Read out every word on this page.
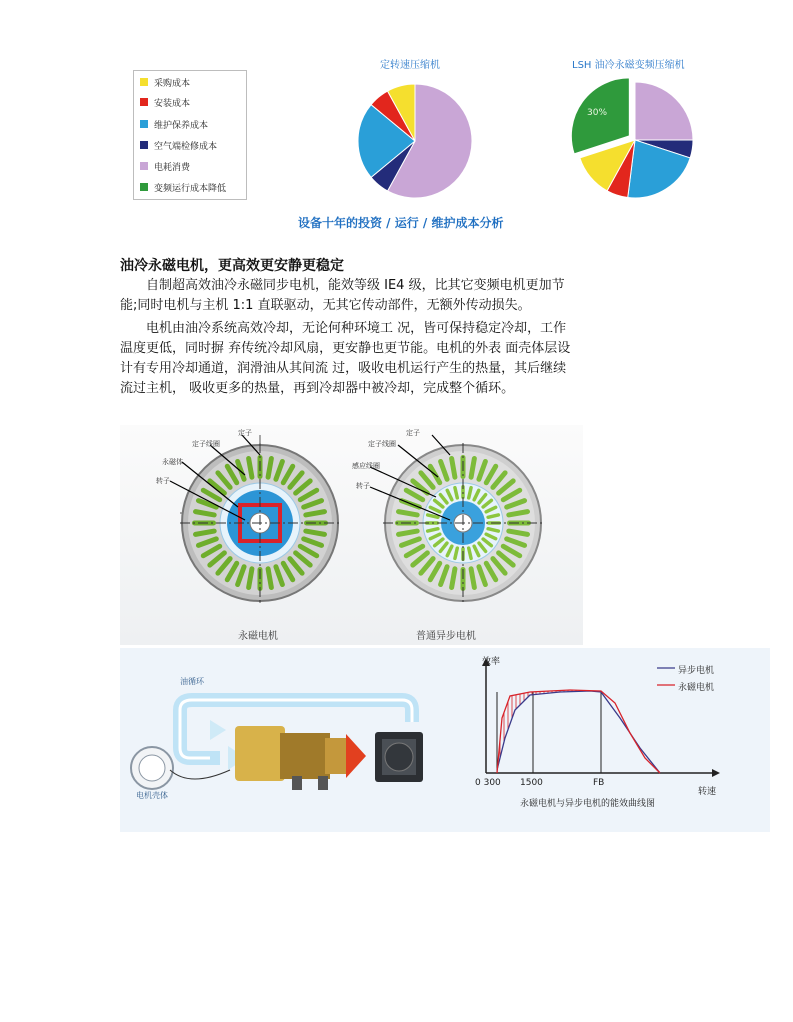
采购成本
安装成本
维护保养成本
空气端检修成本
电耗消费
变频运行成本降低
定转速压缩机	LSH 油冷永磁变频压缩机
30%
设备十年的投资 / 运行 / 维护成本分析
油冷永磁电机，更高效更安静更稳定
自制超高效油冷永磁同步电机，能效等级 IE4 级，比其它变频电机更加节
能;同时电机与主机 1:1 直联驱动，无其它传动部件，无额外传动损失。
电机由油冷系统高效冷却，无论何种环境工 况，皆可保持稳定冷却，工作
温度更低，同时摒 弃传统冷却风扇，更安静也更节能。电机的外表 面壳体层设
计有专用冷却通道，润滑油从其间流 过，吸收电机运行产生的热量，其后继续
流过主机， 吸收更多的热量，再到冷却器中被冷却，完成整个循环。
定子
定子线圈
永磁体
转子
定子
定子线圈
感应线圈
转子
永磁电机	普通异步电机
油循环
电机壳体
效率
转速
0 300 1500	FB
异步电机
永磁电机
永磁电机与异步电机的能效曲线图
